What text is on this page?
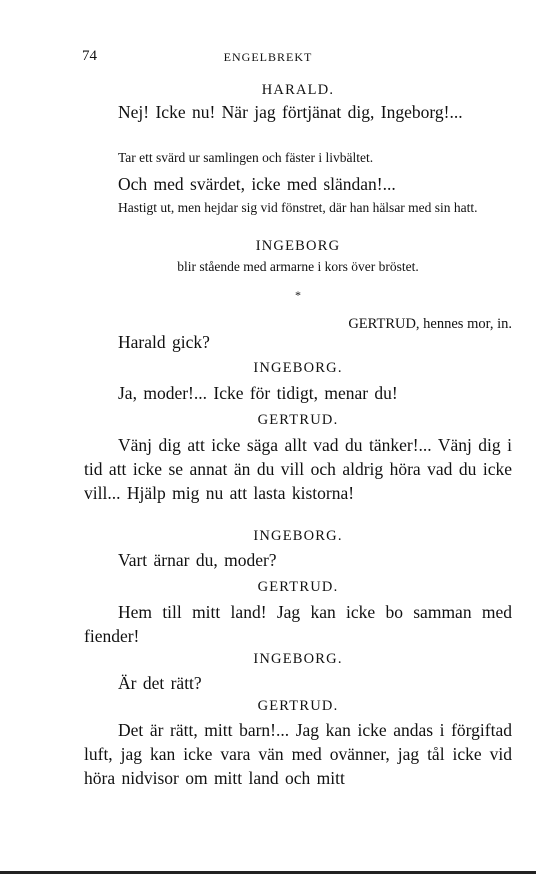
74	ENGELBREKT
HARALD.
Nej! Icke nu! När jag förtjänat dig, Ingeborg!...
Tar ett svärd ur samlingen och fäster i livbältet.
Och med svärdet, icke med sländan!...
Hastigt ut, men hejdar sig vid fönstret, där han hälsar med sin hatt.
INGEBORG
blir stående med armarne i kors över bröstet.
*
GERTRUD, hennes mor, in.
Harald gick?
INGEBORG.
Ja, moder!... Icke för tidigt, menar du!
GERTRUD.
Vänj dig att icke säga allt vad du tänker!... Vänj dig i tid att icke se annat än du vill och aldrig höra vad du icke vill... Hjälp mig nu att lasta kistorna!
INGEBORG.
Vart ärnar du, moder?
GERTRUD.
Hem till mitt land! Jag kan icke bo samman med fiender!
INGEBORG.
Är det rätt?
GERTRUD.
Det är rätt, mitt barn!... Jag kan icke andas i förgiftad luft, jag kan icke vara vän med ovänner, jag tål icke vid höra nidvisor om mitt land och mitt
